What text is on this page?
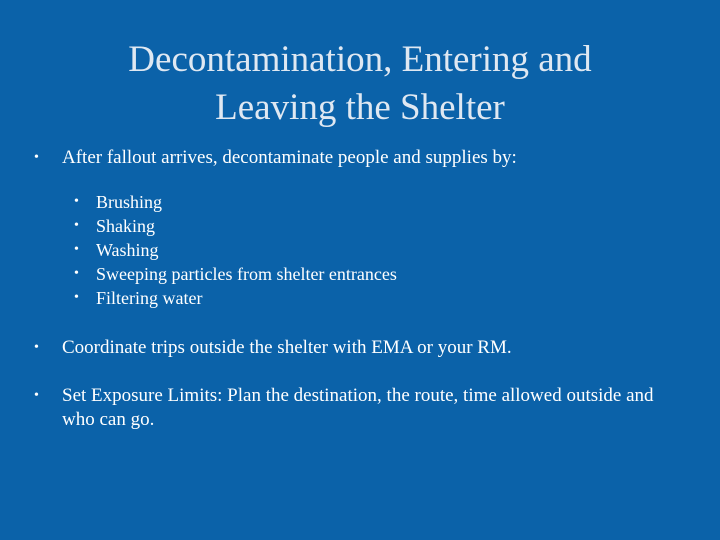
Decontamination, Entering and
Leaving the Shelter
•	After fallout arrives, decontaminate people and supplies by:
• Brushing
• Shaking
• Washing
• Sweeping particles from shelter entrances
• Filtering water
•	Coordinate trips outside the shelter with EMA or your RM.
•	Set Exposure Limits: Plan the destination, the route, time allowed outside and who can go.
